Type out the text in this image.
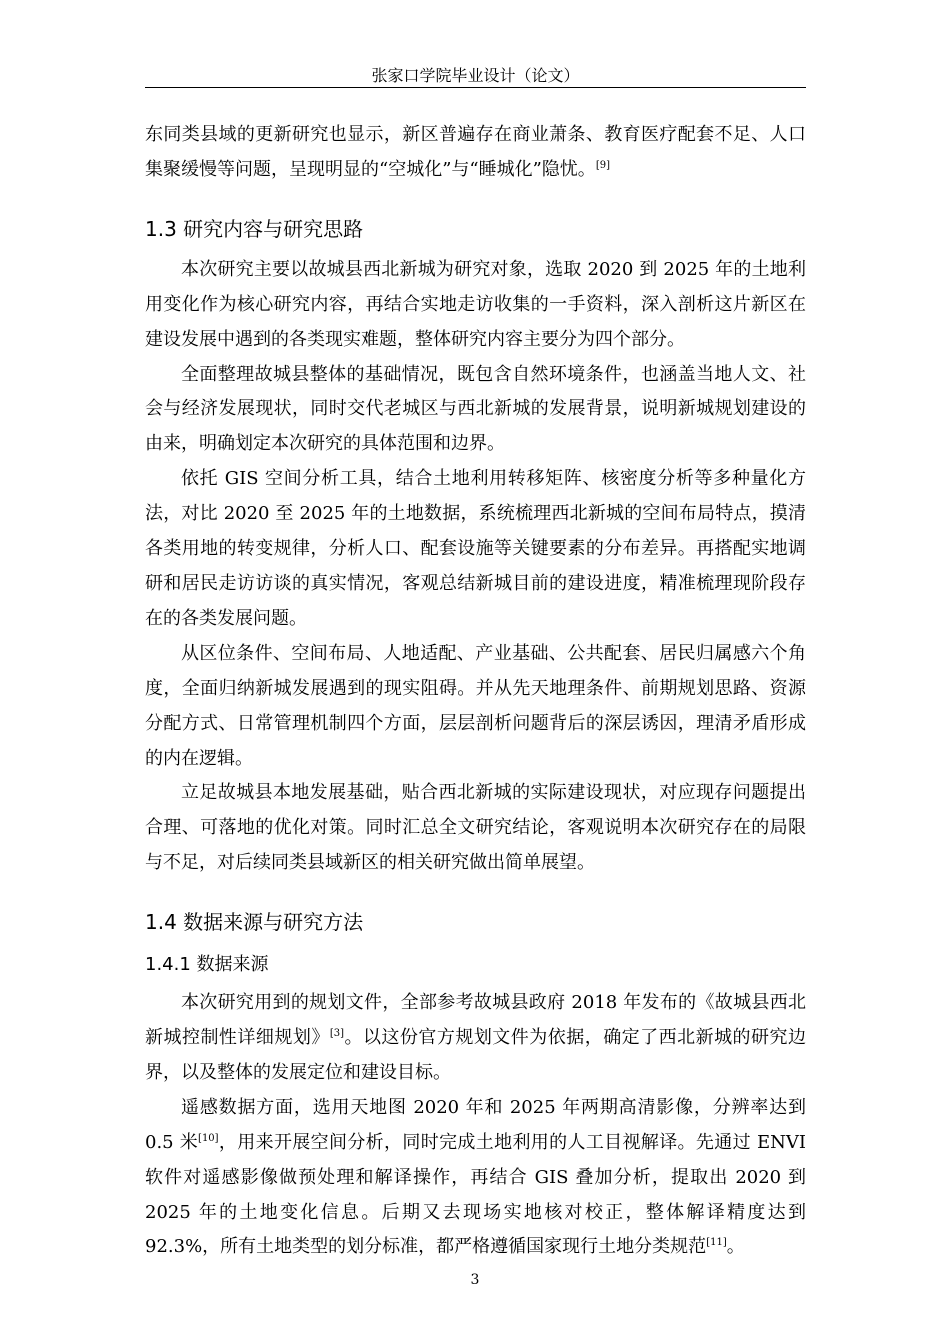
张家口学院毕业设计（论文）

东同类县域的更新研究也显示，新区普遍存在商业萧条、教育医疗配套不足、人口集聚缓慢等问题，呈现明显的“空城化”与“睡城化”隐忧。[9]

1.3 研究内容与研究思路

本次研究主要以故城县西北新城为研究对象，选取 2020 到 2025 年的土地利用变化作为核心研究内容，再结合实地走访收集的一手资料，深入剖析这片新区在建设发展中遇到的各类现实难题，整体研究内容主要分为四个部分。

全面整理故城县整体的基础情况，既包含自然环境条件，也涵盖当地人文、社会与经济发展现状，同时交代老城区与西北新城的发展背景，说明新城规划建设的由来，明确划定本次研究的具体范围和边界。

依托 GIS 空间分析工具，结合土地利用转移矩阵、核密度分析等多种量化方法，对比 2020 至 2025 年的土地数据，系统梳理西北新城的空间布局特点，摸清各类用地的转变规律，分析人口、配套设施等关键要素的分布差异。再搭配实地调研和居民走访访谈的真实情况，客观总结新城目前的建设进度，精准梳理现阶段存在的各类发展问题。

从区位条件、空间布局、人地适配、产业基础、公共配套、居民归属感六个角度，全面归纳新城发展遇到的现实阻碍。并从先天地理条件、前期规划思路、资源分配方式、日常管理机制四个方面，层层剖析问题背后的深层诱因，理清矛盾形成的内在逻辑。

立足故城县本地发展基础，贴合西北新城的实际建设现状，对应现存问题提出合理、可落地的优化对策。同时汇总全文研究结论，客观说明本次研究存在的局限与不足，对后续同类县域新区的相关研究做出简单展望。

1.4 数据来源与研究方法
1.4.1 数据来源

本次研究用到的规划文件，全部参考故城县政府 2018 年发布的《故城县西北新城控制性详细规划》[3]。以这份官方规划文件为依据，确定了西北新城的研究边界，以及整体的发展定位和建设目标。

遥感数据方面，选用天地图 2020 年和 2025 年两期高清影像，分辨率达到 0.5 米[10]，用来开展空间分析，同时完成土地利用的人工目视解译。先通过 ENVI 软件对遥感影像做预处理和解译操作，再结合 GIS 叠加分析，提取出 2020 到 2025 年的土地变化信息。后期又去现场实地核对校正，整体解译精度达到 92.3%，所有土地类型的划分标准，都严格遵循国家现行土地分类规范[11]。

3
